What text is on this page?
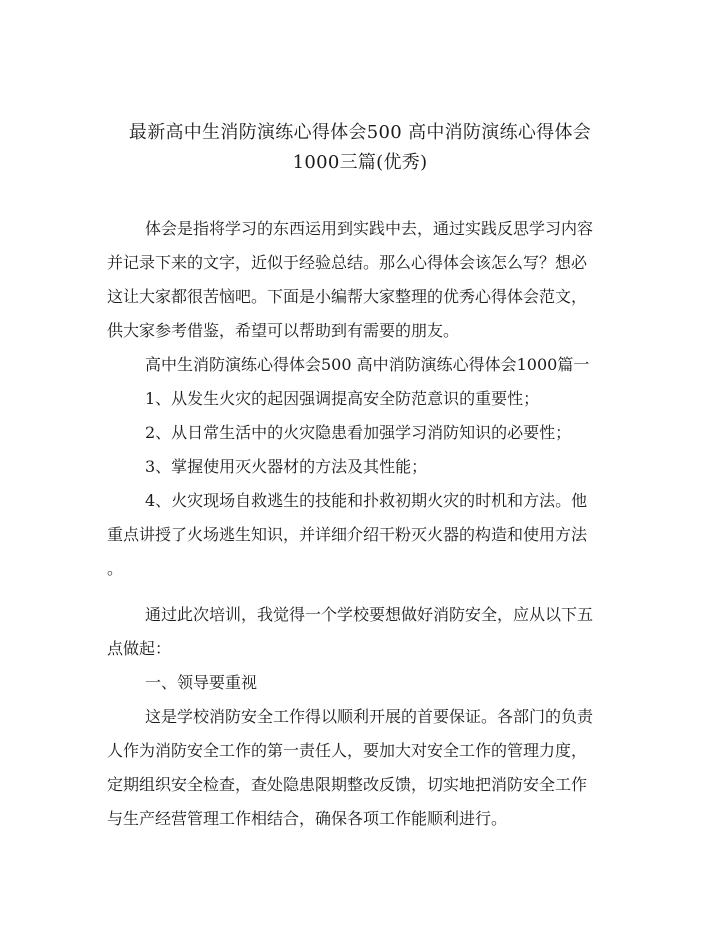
最新高中生消防演练心得体会500 高中消防演练心得体会
1000三篇(优秀)
体会是指将学习的东西运用到实践中去，通过实践反思学习内容
并记录下来的文字，近似于经验总结。那么心得体会该怎么写？想必
这让大家都很苦恼吧。下面是小编帮大家整理的优秀心得体会范文，
供大家参考借鉴，希望可以帮助到有需要的朋友。
高中生消防演练心得体会500 高中消防演练心得体会1000篇一
1、从发生火灾的起因强调提高安全防范意识的重要性；
2、从日常生活中的火灾隐患看加强学习消防知识的必要性；
3、掌握使用灭火器材的方法及其性能；
4、火灾现场自救逃生的技能和扑救初期火灾的时机和方法。他
重点讲授了火场逃生知识，并详细介绍干粉灭火器的构造和使用方法
。
通过此次培训，我觉得一个学校要想做好消防安全，应从以下五
点做起：
一、领导要重视
这是学校消防安全工作得以顺利开展的首要保证。各部门的负责
人作为消防安全工作的第一责任人，要加大对安全工作的管理力度，
定期组织安全检查，查处隐患限期整改反馈，切实地把消防安全工作
与生产经营管理工作相结合，确保各项工作能顺利进行。
